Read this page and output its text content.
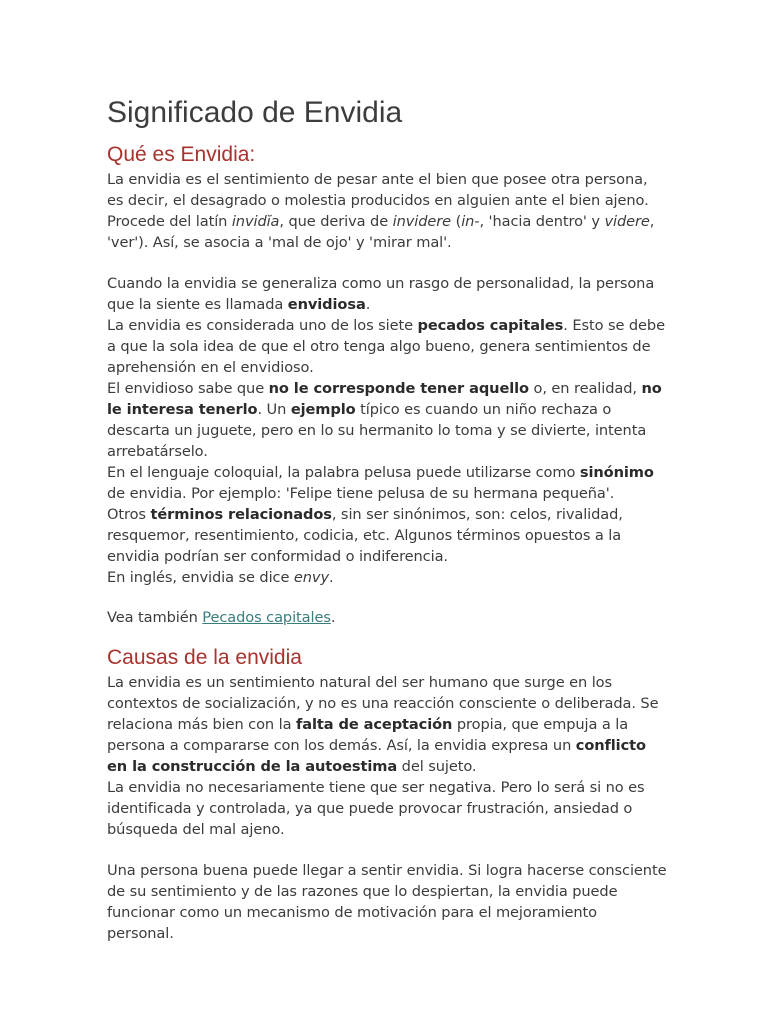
Significado de Envidia
Qué es Envidia:

La envidia es el sentimiento de pesar ante el bien que posee otra persona, es decir, el desagrado o molestia producidos en alguien ante el bien ajeno. Procede del latín invidĭa, que deriva de invidere (in-, 'hacia dentro' y videre, 'ver'). Así, se asocia a 'mal de ojo' y 'mirar mal'.

Cuando la envidia se generaliza como un rasgo de personalidad, la persona que la siente es llamada envidiosa.

La envidia es considerada uno de los siete pecados capitales. Esto se debe a que la sola idea de que el otro tenga algo bueno, genera sentimientos de aprehensión en el envidioso.

El envidioso sabe que no le corresponde tener aquello o, en realidad, no le interesa tenerlo. Un ejemplo típico es cuando un niño rechaza o descarta un juguete, pero en lo su hermanito lo toma y se divierte, intenta arrebatárselo.

En el lenguaje coloquial, la palabra pelusa puede utilizarse como sinónimo de envidia. Por ejemplo: 'Felipe tiene pelusa de su hermana pequeña'.

Otros términos relacionados, sin ser sinónimos, son: celos, rivalidad, resquemor, resentimiento, codicia, etc. Algunos términos opuestos a la envidia podrían ser conformidad o indiferencia.

En inglés, envidia se dice envy.

Vea también Pecados capitales.

Causas de la envidia

La envidia es un sentimiento natural del ser humano que surge en los contextos de socialización, y no es una reacción consciente o deliberada. Se relaciona más bien con la falta de aceptación propia, que empuja a la persona a compararse con los demás. Así, la envidia expresa un conflicto en la construcción de la autoestima del sujeto.

La envidia no necesariamente tiene que ser negativa. Pero lo será si no es identificada y controlada, ya que puede provocar frustración, ansiedad o búsqueda del mal ajeno.

Una persona buena puede llegar a sentir envidia. Si logra hacerse consciente de su sentimiento y de las razones que lo despiertan, la envidia puede funcionar como un mecanismo de motivación para el mejoramiento personal.
